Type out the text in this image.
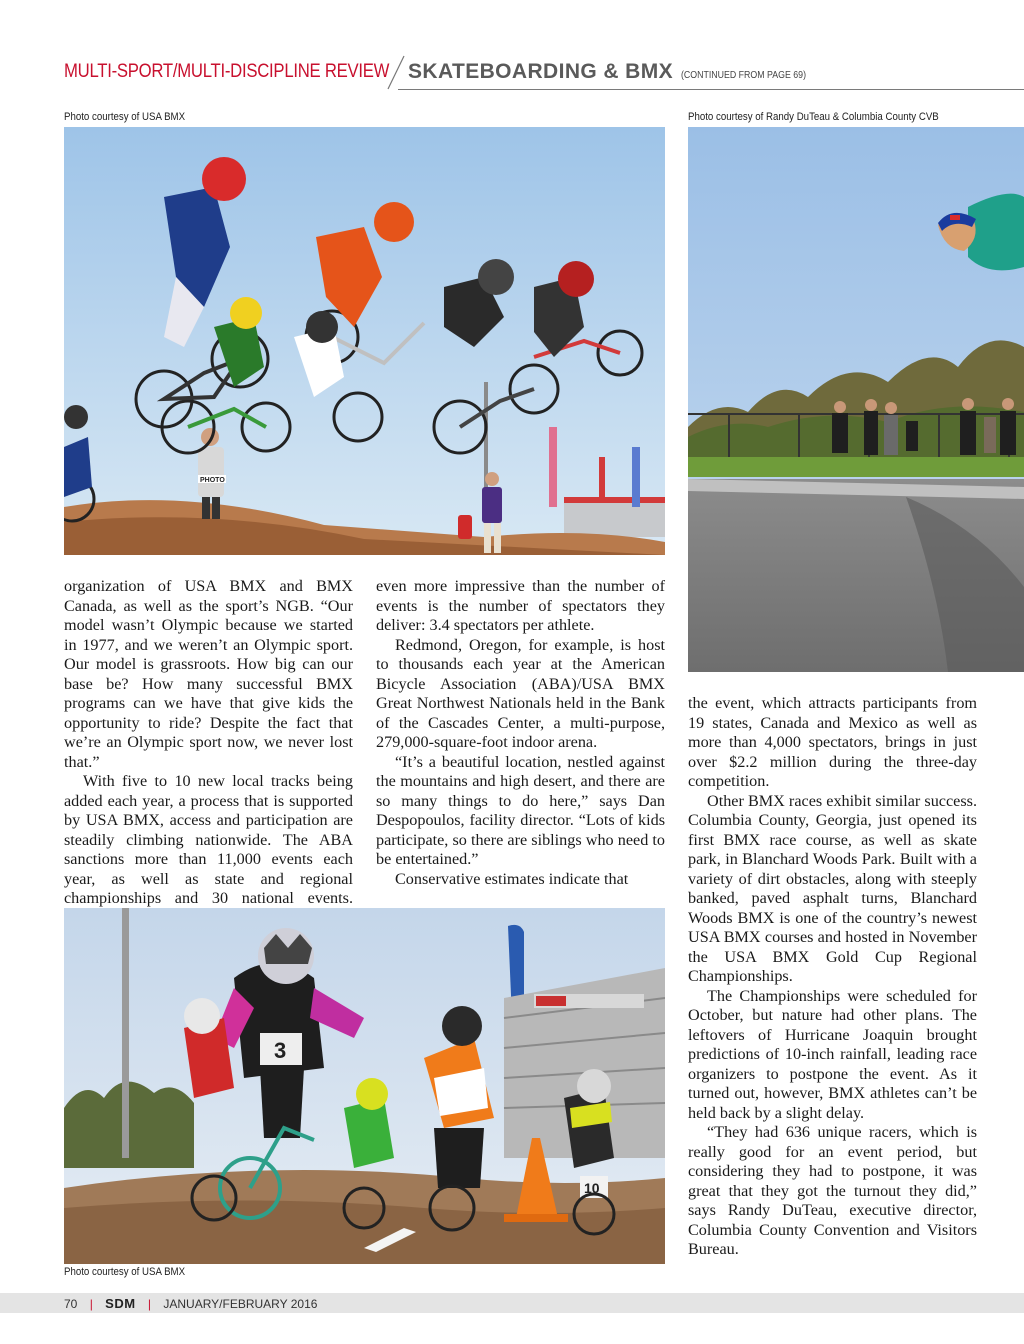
MULTI-SPORT/MULTI-DISCIPLINE REVIEW SKATEBOARDING & BMX (CONTINUED FROM PAGE 69)
Photo courtesy of USA BMX	Photo courtesy of Randy DuTeau & Columbia County CVB
PHOTO

organization of USA BMX and BMX Canada, as well as the sport’s NGB. “Our model wasn’t Olympic because we started in 1977, and we weren’t an Olympic sport. Our model is grassroots. How big can our base be? How many successful BMX programs can we have that give kids the opportunity to ride? Despite the fact that we’re an Olympic sport now, we never lost that.”

With five to 10 new local tracks being added each year, a process that is supported by USA BMX, access and participation are steadily climbing nationwide. The ABA sanctions more than 11,000 events each year, as well as state and regional championships and 30 national events.

even more impressive than the number of events is the number of spectators they deliver: 3.4 spectators per athlete.

Redmond, Oregon, for example, is host to thousands each year at the American Bicycle Association (ABA)/USA BMX Great Northwest Nationals held in the Bank of the Cascades Center, a multi-purpose, 279,000-square-foot indoor arena.

“It’s a beautiful location, nestled against the mountains and high desert, and there are so many things to do here,” says Dan Despopoulos, facility director. “Lots of kids participate, so there are siblings who need to be entertained.”

Conservative estimates indicate that

the event, which attracts participants from 19 states, Canada and Mexico as well as more than 4,000 spectators, brings in just over $2.2 million during the three-day competition.

Other BMX races exhibit similar success. Columbia County, Georgia, just opened its first BMX race course, as well as skate park, in Blanchard Woods Park. Built with a variety of dirt obstacles, along with steeply banked, paved asphalt turns, Blanchard Woods BMX is one of the country’s newest USA BMX courses and hosted in November the USA BMX Gold Cup Regional Championships.

The Championships were scheduled for October, but nature had other plans. The leftovers of Hurricane Joaquin brought predictions of 10-inch rainfall, leading race organizers to postpone the event. As it turned out, however, BMX athletes can’t be held back by a slight delay.

“They had 636 unique racers, which is really good for an event period, but considering they had to postpone, it was great that they got the turnout they did,” says Randy DuTeau, executive director, Columbia County Convention and Visitors Bureau.

3
10
Photo courtesy of USA BMX
70 | SDM | JANUARY/FEBRUARY 2016
